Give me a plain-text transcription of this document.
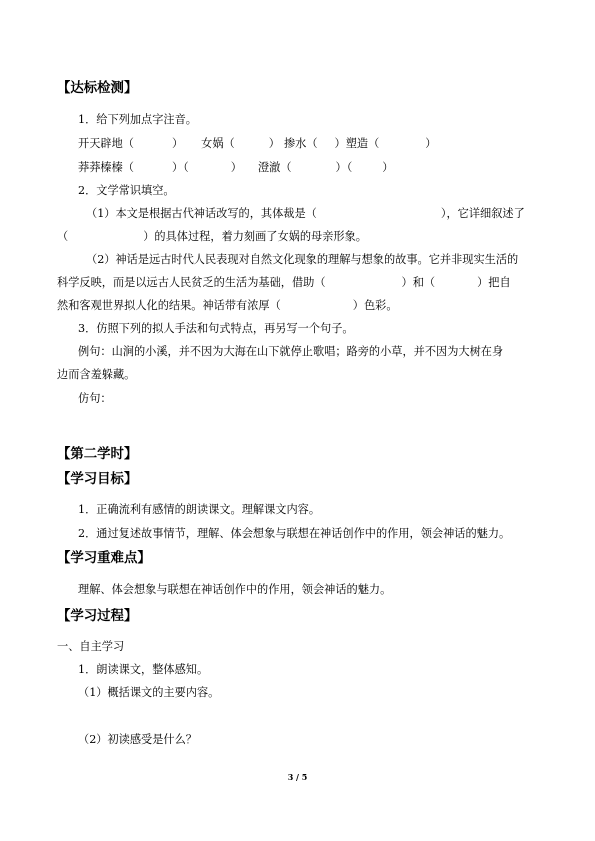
【达标检测】
1．给下列加点字注音。
开天辟地（	） 女娲（	） 掺水（ ）塑造（	）
莽莽榛榛（	）（	） 澄澈（	）（	）
2．文学常识填空。
（1）本文是根据古代神话改写的，其体裁是（	），它详细叙述了
（	）的具体过程，着力刻画了女娲的母亲形象。
（2）神话是远古时代人民表现对自然文化现象的理解与想象的故事。它并非现实生活的
科学反映，而是以远古人民贫乏的生活为基础，借助（	）和（	）把自
然和客观世界拟人化的结果。神话带有浓厚（	）色彩。
3．仿照下列的拟人手法和句式特点，再另写一个句子。
例句：山涧的小溪，并不因为大海在山下就停止歌唱；路旁的小草，并不因为大树在身
边而含羞躲藏。
仿句：
【第二学时】
【学习目标】
1．正确流利有感情的朗读课文。理解课文内容。
2．通过复述故事情节，理解、体会想象与联想在神话创作中的作用，领会神话的魅力。
【学习重难点】
理解、体会想象与联想在神话创作中的作用，领会神话的魅力。
【学习过程】
一、自主学习
1．朗读课文，整体感知。
（1）概括课文的主要内容。
（2）初读感受是什么？
3 / 5
